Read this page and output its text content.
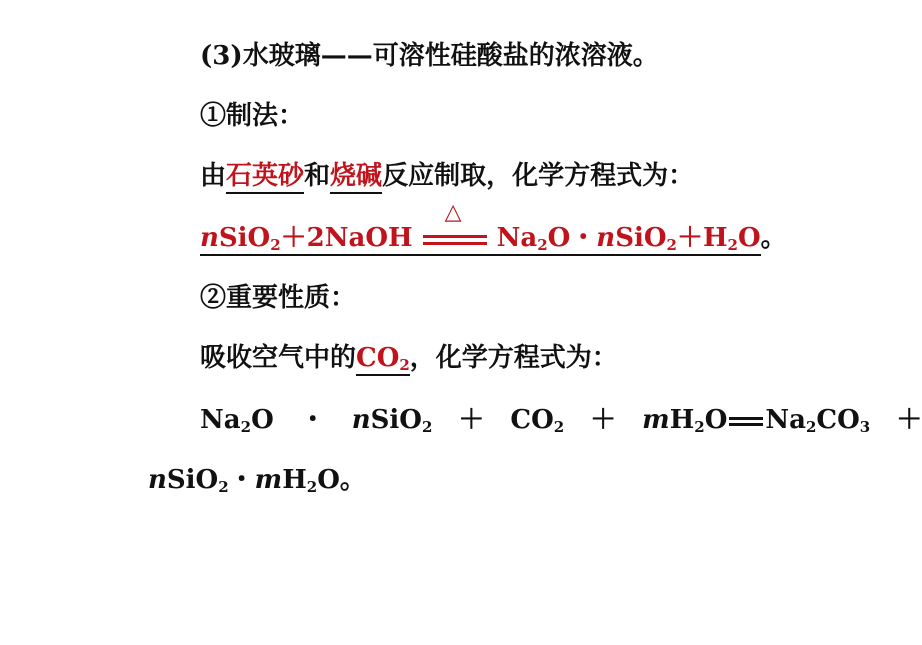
(3)水玻璃——可溶性硅酸盐的浓溶液。
①制法：
由石英砂和烧碱反应制取，化学方程式为：
nSiO$_2$＋2NaOH
△
$Na_2O$・$nSiO_2+H_2O$。
②重要性质：
吸收空气中的$CO_2$，化学方程式为：
$Na_2O$　・　nSiO$_2$　＋　$CO_2$　＋　$mH_2O$ $Na_2CO_3$　＋
nSiO$_2$・$mH_2O$。
